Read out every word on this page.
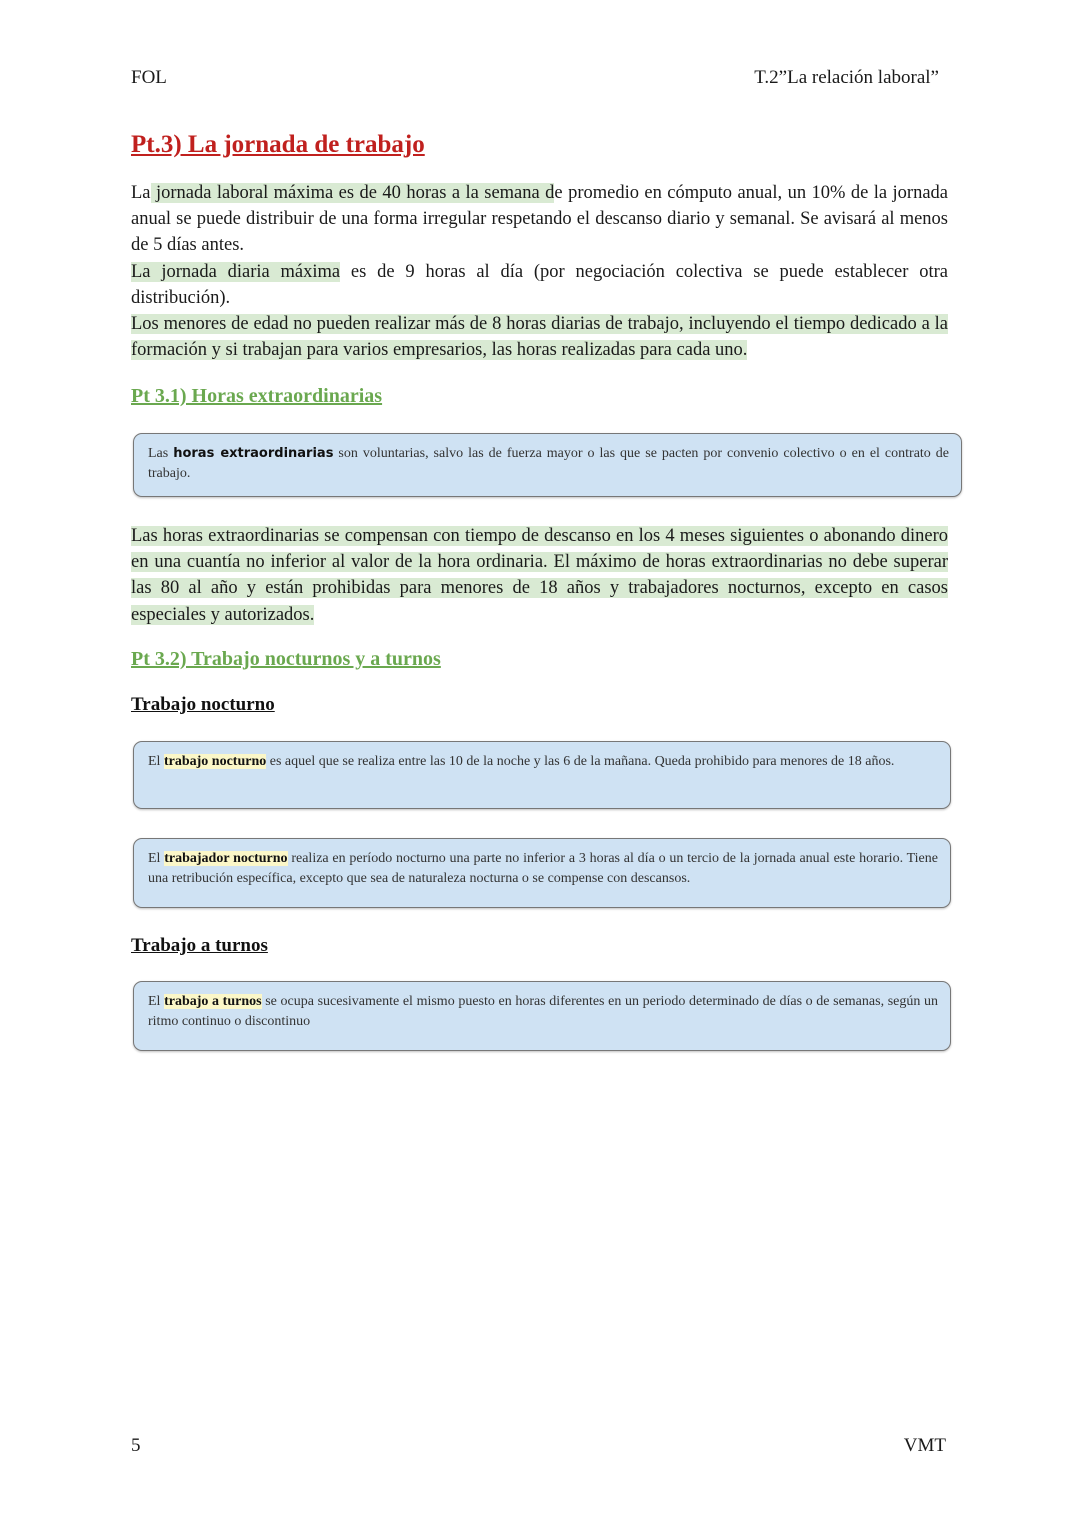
FOL	T.2”La relación laboral”
Pt.3) La jornada de trabajo

La jornada laboral máxima es de 40 horas a la semana de promedio en cómputo anual, un 10% de la jornada anual se puede distribuir de una forma irregular respetando el descanso diario y semanal. Se avisará al menos de 5 días antes.

La jornada diaria máxima es de 9 horas al día (por negociación colectiva se puede establecer otra distribución).

Los menores de edad no pueden realizar más de 8 horas diarias de trabajo, incluyendo el tiempo dedicado a la formación y si trabajan para varios empresarios, las horas realizadas para cada uno.

Pt 3.1) Horas extraordinarias
Las horas extraordinarias son voluntarias, salvo las de fuerza mayor o las que se pacten por convenio colectivo o en el contrato de trabajo.

Las horas extraordinarias se compensan con tiempo de descanso en los 4 meses siguientes o abonando dinero en una cuantía no inferior al valor de la hora ordinaria. El máximo de horas extraordinarias no debe superar las 80 al año y están prohibidas para menores de 18 años y trabajadores nocturnos, excepto en casos especiales y autorizados.

Pt 3.2) Trabajo nocturnos y a turnos
Trabajo nocturno
El trabajo nocturno es aquel que se realiza entre las 10 de la noche y las 6 de la mañana. Queda prohibido para menores de 18 años.
El trabajador nocturno realiza en período nocturno una parte no inferior a 3 horas al día o un tercio de la jornada anual este horario. Tiene una retribución específica, excepto que sea de naturaleza nocturna o se compense con descansos.
Trabajo a turnos
El trabajo a turnos se ocupa sucesivamente el mismo puesto en horas diferentes en un periodo determinado de días o de semanas, según un ritmo continuo o discontinuo
5	VMT
